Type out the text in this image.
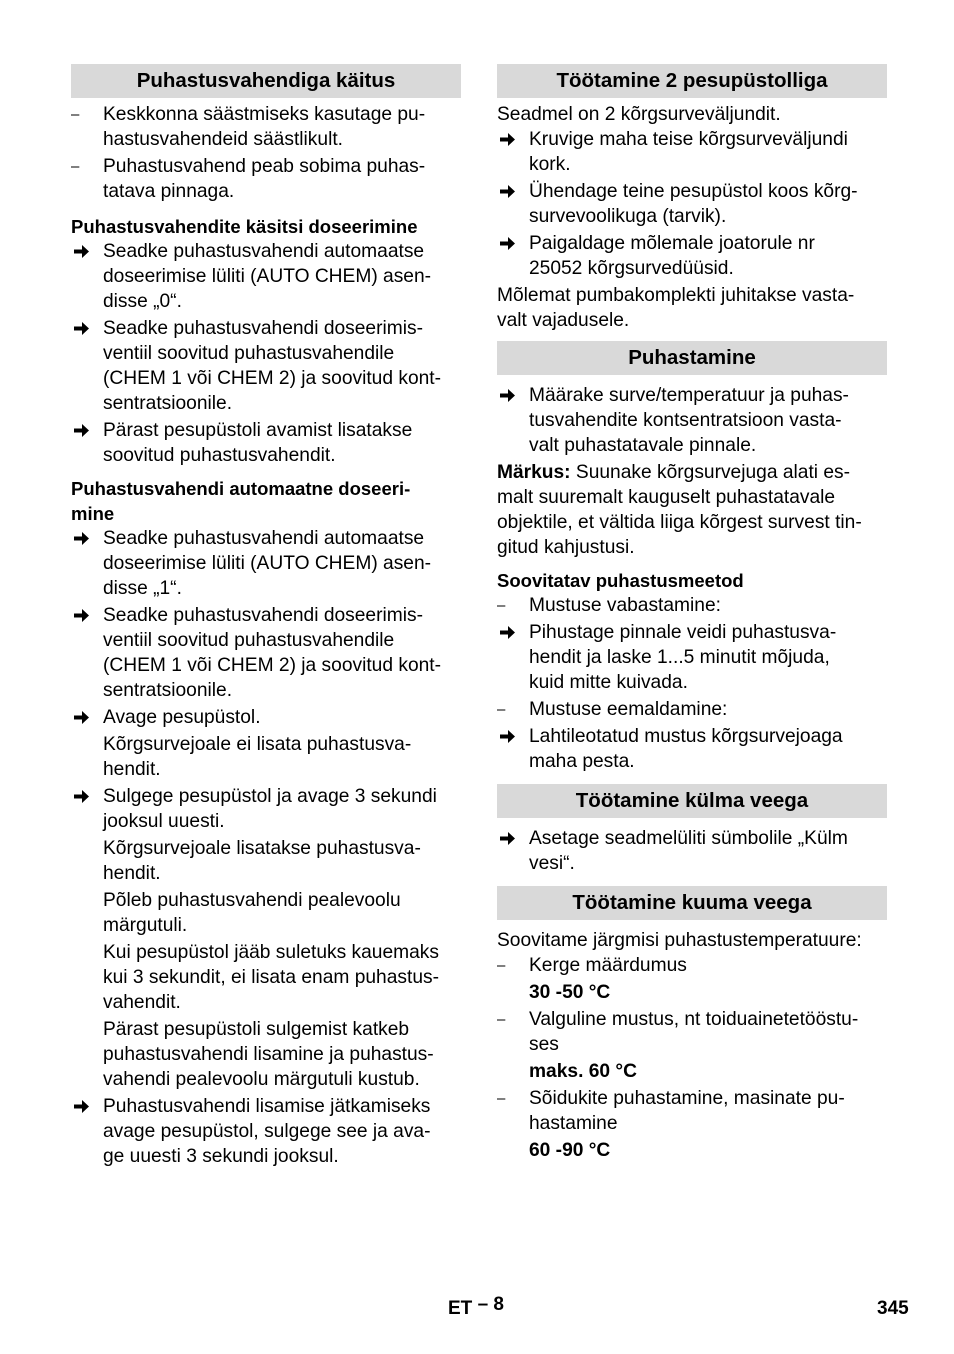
Puhastusvahendiga käitus
–	Keskkonna säästmiseks kasutage pu-
hastusvahendeid säästlikult.
–	Puhastusvahend peab sobima puhas-
tatava pinnaga.
Puhastusvahendite käsitsi doseerimine
Seadke puhastusvahendi automaatse
doseerimise lüliti (AUTO CHEM) asen-
disse „0“.
Seadke puhastusvahendi doseerimis-
ventiil soovitud puhastusvahendile
(CHEM 1 või CHEM 2) ja soovitud kont-
sentratsioonile.
Pärast pesupüstoli avamist lisatakse
soovitud puhastusvahendit.
Puhastusvahendi automaatne doseeri-
mine
Seadke puhastusvahendi automaatse
doseerimise lüliti (AUTO CHEM) asen-
disse „1“.
Seadke puhastusvahendi doseerimis-
ventiil soovitud puhastusvahendile
(CHEM 1 või CHEM 2) ja soovitud kont-
sentratsioonile.
Avage pesupüstol.
Kõrgsurvejoale ei lisata puhastusva-
hendit.
Sulgege pesupüstol ja avage 3 sekundi
jooksul uuesti.
Kõrgsurvejoale lisatakse puhastusva-
hendit.
Põleb puhastusvahendi pealevoolu
märgutuli.
Kui pesupüstol jääb suletuks kauemaks
kui 3 sekundit, ei lisata enam puhastus-
vahendit.
Pärast pesupüstoli sulgemist katkeb
puhastusvahendi lisamine ja puhastus-
vahendi pealevoolu märgutuli kustub.
Puhastusvahendi lisamise jätkamiseks
avage pesupüstol, sulgege see ja ava-
ge uuesti 3 sekundi jooksul.
Töötamine 2 pesupüstolliga
Seadmel on 2 kõrgsurveväljundit.
Kruvige maha teise kõrgsurveväljundi
kork.
Ühendage teine pesupüstol koos kõrg-
survevoolikuga (tarvik).
Paigaldage mõlemale joatorule nr
25052 kõrgsurvedüüsid.
Mõlemat pumbakomplekti juhitakse vasta-
valt vajadusele.
Puhastamine
Määrake surve/temperatuur ja puhas-
tusvahendite kontsentratsioon vasta-
valt puhastatavale pinnale.
Märkus: Suunake kõrgsurvejuga alati es-
malt suuremalt kauguselt puhastatavale
objektile, et vältida liiga kõrgest survest tin-
gitud kahjustusi.
Soovitatav puhastusmeetod
–	Mustuse vabastamine:
Pihustage pinnale veidi puhastusva-
hendit ja laske 1...5 minutit mõjuda,
kuid mitte kuivada.
–	Mustuse eemaldamine:
Lahtileotatud mustus kõrgsurvejoaga
maha pesta.
Töötamine külma veega
Asetage seadmelüliti sümbolile „Külm
vesi“.
Töötamine kuuma veega
Soovitame järgmisi puhastustemperatuure:
–	Kerge määrdumus
30 -50 °C
–	Valguline mustus, nt toiduainetetööstu-
ses
maks. 60 °C
–	Sõidukite puhastamine, masinate pu-
hastamine
60 -90 °C
ET – 8	345
